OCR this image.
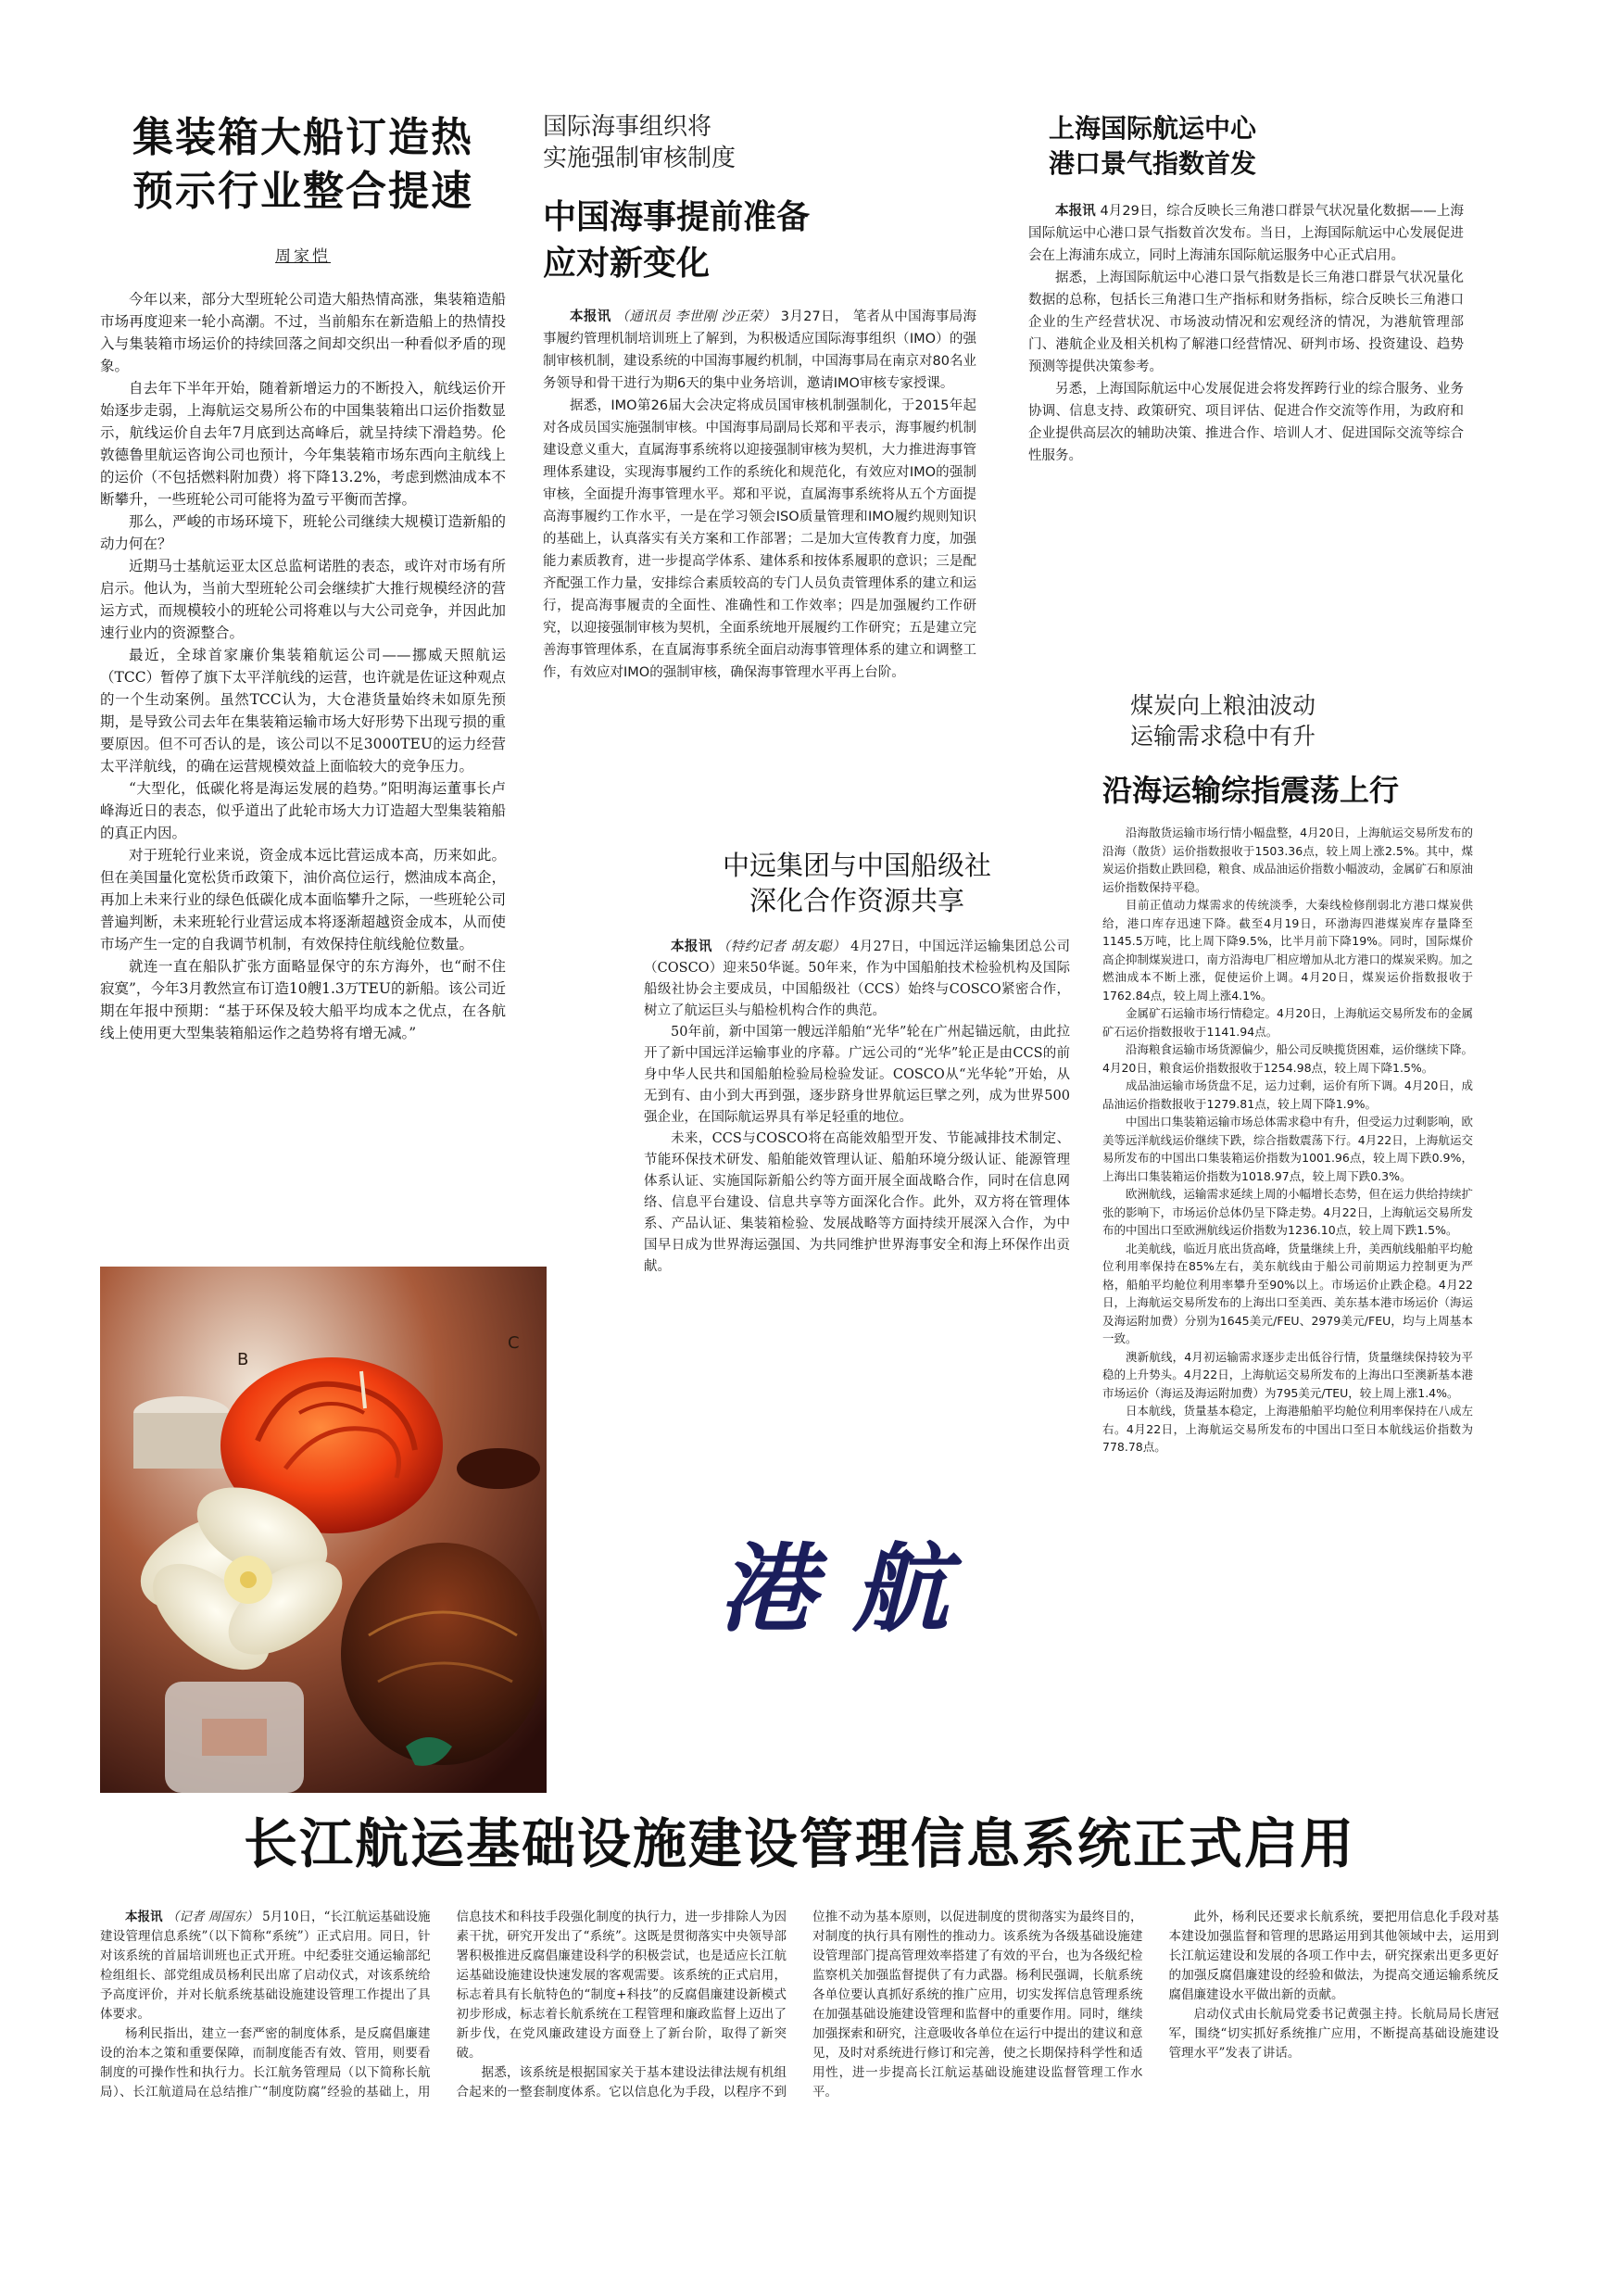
集装箱大船订造热
预示行业整合提速
周家恺

今年以来，部分大型班轮公司造大船热情高涨，集装箱造船市场再度迎来一轮小高潮。不过，当前船东在新造船上的热情投入与集装箱市场运价的持续回落之间却交织出一种看似矛盾的现象。

自去年下半年开始，随着新增运力的不断投入，航线运价开始逐步走弱，上海航运交易所公布的中国集装箱出口运价指数显示，航线运价自去年7月底到达高峰后，就呈持续下滑趋势。伦敦德鲁里航运咨询公司也预计，今年集装箱市场东西向主航线上的运价（不包括燃料附加费）将下降13.2%，考虑到燃油成本不断攀升，一些班轮公司可能将为盈亏平衡而苦撑。

那么，严峻的市场环境下，班轮公司继续大规模订造新船的动力何在？

近期马士基航运亚太区总监柯诺胜的表态，或许对市场有所启示。他认为，当前大型班轮公司会继续扩大推行规模经济的营运方式，而规模较小的班轮公司将难以与大公司竞争，并因此加速行业内的资源整合。

最近，全球首家廉价集装箱航运公司——挪威天照航运（TCC）暂停了旗下太平洋航线的运营，也许就是佐证这种观点的一个生动案例。虽然TCC认为，大仓港货量始终未如原先预期，是导致公司去年在集装箱运输市场大好形势下出现亏损的重要原因。但不可否认的是，该公司以不足3000TEU的运力经营太平洋航线，的确在运营规模效益上面临较大的竞争压力。

“大型化，低碳化将是海运发展的趋势。”阳明海运董事长卢峰海近日的表态，似乎道出了此轮市场大力订造超大型集装箱船的真正内因。

对于班轮行业来说，资金成本远比营运成本高，历来如此。但在美国量化宽松货币政策下，油价高位运行，燃油成本高企，再加上未来行业的绿色低碳化成本面临攀升之际，一些班轮公司普遍判断，未来班轮行业营运成本将逐渐超越资金成本，从而使市场产生一定的自我调节机制，有效保持住航线舱位数量。

就连一直在船队扩张方面略显保守的东方海外，也“耐不住寂寞”，今年3月教然宣布订造10艘1.3万TEU的新船。该公司近期在年报中预期：“基于环保及较大船平均成本之优点，在各航线上使用更大型集装箱船运作之趋势将有增无减。”

国际海事组织将
实施强制审核制度
中国海事提前准备
应对新变化

本报讯 （通讯员 李世刚 沙正荣） 3月27日， 笔者从中国海事局海事履约管理机制培训班上了解到，为积极适应国际海事组织（IMO）的强制审核机制，建设系统的中国海事履约机制，中国海事局在南京对80名业务领导和骨干进行为期6天的集中业务培训，邀请IMO审核专家授课。

据悉，IMO第26届大会决定将成员国审核机制强制化，于2015年起对各成员国实施强制审核。中国海事局副局长郑和平表示，海事履约机制建设意义重大，直属海事系统将以迎接强制审核为契机，大力推进海事管理体系建设，实现海事履约工作的系统化和规范化，有效应对IMO的强制审核，全面提升海事管理水平。郑和平说，直属海事系统将从五个方面提高海事履约工作水平，一是在学习领会ISO质量管理和IMO履约规则知识的基础上，认真落实有关方案和工作部署；二是加大宣传教育力度，加强能力素质教育，进一步提高学体系、建体系和按体系履职的意识；三是配齐配强工作力量，安排综合素质较高的专门人员负责管理体系的建立和运行，提高海事履责的全面性、准确性和工作效率；四是加强履约工作研究，以迎接强制审核为契机，全面系统地开展履约工作研究；五是建立完善海事管理体系，在直属海事系统全面启动海事管理体系的建立和调整工作，有效应对IMO的强制审核，确保海事管理水平再上台阶。

上海国际航运中心
港口景气指数首发

本报讯 4月29日，综合反映长三角港口群景气状况量化数据——上海国际航运中心港口景气指数首次发布。当日，上海国际航运中心发展促进会在上海浦东成立，同时上海浦东国际航运服务中心正式启用。

据悉，上海国际航运中心港口景气指数是长三角港口群景气状况量化数据的总称，包括长三角港口生产指标和财务指标，综合反映长三角港口企业的生产经营状况、市场波动情况和宏观经济的情况，为港航管理部门、港航企业及相关机构了解港口经营情况、研判市场、投资建设、趋势预测等提供决策参考。

另悉，上海国际航运中心发展促进会将发挥跨行业的综合服务、业务协调、信息支持、政策研究、项目评估、促进合作交流等作用，为政府和企业提供高层次的辅助决策、推进合作、培训人才、促进国际交流等综合性服务。

煤炭向上粮油波动
运输需求稳中有升
沿海运输综指震荡上行

沿海散货运输市场行情小幅盘整，4月20日，上海航运交易所发布的沿海（散货）运价指数报收于1503.36点，较上周上涨2.5%。其中，煤炭运价指数止跌回稳，粮食、成品油运价指数小幅波动，金属矿石和原油运价指数保持平稳。

目前正值动力煤需求的传统淡季，大秦线检修削弱北方港口煤炭供给，港口库存迅速下降。截至4月19日，环渤海四港煤炭库存量降至1145.5万吨，比上周下降9.5%，比半月前下降19%。同时，国际煤价高企抑制煤炭进口，南方沿海电厂相应增加从北方港口的煤炭采购。加之燃油成本不断上涨，促使运价上调。4月20日，煤炭运价指数报收于1762.84点，较上周上涨4.1%。

金属矿石运输市场行情稳定。4月20日，上海航运交易所发布的金属矿石运价指数报收于1141.94点。

沿海粮食运输市场货源偏少，船公司反映揽货困难，运价继续下降。4月20日，粮食运价指数报收于1254.98点，较上周下降1.5%。

成品油运输市场货盘不足，运力过剩，运价有所下调。4月20日，成品油运价指数报收于1279.81点，较上周下降1.9%。

中国出口集装箱运输市场总体需求稳中有升，但受运力过剩影响，欧美等远洋航线运价继续下跌，综合指数震荡下行。4月22日，上海航运交易所发布的中国出口集装箱运价指数为1001.96点，较上周下跌0.9%，上海出口集装箱运价指数为1018.97点，较上周下跌0.3%。

欧洲航线，运输需求延续上周的小幅增长态势，但在运力供给持续扩张的影响下，市场运价总体仍呈下降走势。4月22日，上海航运交易所发布的中国出口至欧洲航线运价指数为1236.10点，较上周下跌1.5%。

北美航线，临近月底出货高峰，货量继续上升，美西航线船舶平均舱位利用率保持在85%左右，美东航线由于船公司前期运力控制更为严格，船舶平均舱位利用率攀升至90%以上。市场运价止跌企稳。4月22日，上海航运交易所发布的上海出口至美西、美东基本港市场运价（海运及海运附加费）分别为1645美元/FEU、2979美元/FEU，均与上周基本一致。

澳新航线，4月初运输需求逐步走出低谷行情，货量继续保持较为平稳的上升势头。4月22日，上海航运交易所发布的上海出口至澳新基本港市场运价（海运及海运附加费）为795美元/TEU，较上周上涨1.4%。

日本航线，货量基本稳定，上海港船舶平均舱位利用率保持在八成左右。4月22日，上海航运交易所发布的中国出口至日本航线运价指数为778.78点。

中远集团与中国船级社
深化合作资源共享

本报讯 （特约记者 胡友聪） 4月27日，中国远洋运输集团总公司（COSCO）迎来50华诞。50年来，作为中国船舶技术检验机构及国际船级社协会主要成员，中国船级社（CCS）始终与COSCO紧密合作，树立了航运巨头与船检机构合作的典范。

50年前，新中国第一艘远洋船舶“光华”轮在广州起锚远航，由此拉开了新中国远洋运输事业的序幕。广远公司的“光华”轮正是由CCS的前身中华人民共和国船舶检验局检验发证。COSCO从“光华轮”开始，从无到有、由小到大再到强，逐步跻身世界航运巨擘之列，成为世界500强企业，在国际航运界具有举足轻重的地位。

未来，CCS与COSCO将在高能效船型开发、节能减排技术制定、节能环保技术研发、船舶能效管理认证、船舶环境分级认证、能源管理体系认证、实施国际新船公约等方面开展全面战略合作，同时在信息网络、信息平台建设、信息共享等方面深化合作。此外，双方将在管理体系、产品认证、集装箱检验、发展战略等方面持续开展深入合作，为中国早日成为世界海运强国、为共同维护世界海事安全和海上环保作出贡献。

B
C
港航
长江航运基础设施建设管理信息系统正式启用

本报讯 （记者 周国东） 5月10日，“长江航运基础设施建设管理信息系统”（以下简称“系统”）正式启用。同日，针对该系统的首届培训班也正式开班。中纪委驻交通运输部纪检组组长、部党组成员杨利民出席了启动仪式，对该系统给予高度评价，并对长航系统基础设施建设管理工作提出了具体要求。

杨利民指出，建立一套严密的制度体系，是反腐倡廉建设的治本之策和重要保障，而制度能否有效、管用，则要看制度的可操作性和执行力。长江航务管理局（以下简称长航局）、长江航道局在总结推广“制度防腐”经验的基础上，用信息技术和科技手段强化制度的执行力，进一步排除人为因素干扰，研究开发出了“系统”。这既是贯彻落实中央领导部署积极推进反腐倡廉建设科学的积极尝试，也是适应长江航运基础设施建设快速发展的客观需要。该系统的正式启用，标志着具有长航特色的“制度+科技”的反腐倡廉建设新模式初步形成，标志着长航系统在工程管理和廉政监督上迈出了新步伐，在党风廉政建设方面登上了新台阶，取得了新突破。

据悉，该系统是根据国家关于基本建设法律法规有机组合起来的一整套制度体系。它以信息化为手段，以程序不到位推不动为基本原则，以促进制度的贯彻落实为最终目的，对制度的执行具有刚性的推动力。该系统为各级基础设施建设管理部门提高管理效率搭建了有效的平台，也为各级纪检监察机关加强监督提供了有力武器。杨利民强调，长航系统各单位要认真抓好系统的推广应用，切实发挥信息管理系统在加强基础设施建设管理和监督中的重要作用。同时，继续加强探索和研究，注意吸收各单位在运行中提出的建议和意见，及时对系统进行修订和完善，使之长期保持科学性和适用性，进一步提高长江航运基础设施建设监督管理工作水平。

此外，杨利民还要求长航系统，要把用信息化手段对基本建设加强监督和管理的思路运用到其他领域中去，运用到长江航运建设和发展的各项工作中去，研究探索出更多更好的加强反腐倡廉建设的经验和做法，为提高交通运输系统反腐倡廉建设水平做出新的贡献。

启动仪式由长航局党委书记黄强主持。长航局局长唐冠军，围绕“切实抓好系统推广应用，不断提高基础设施建设管理水平”发表了讲话。
